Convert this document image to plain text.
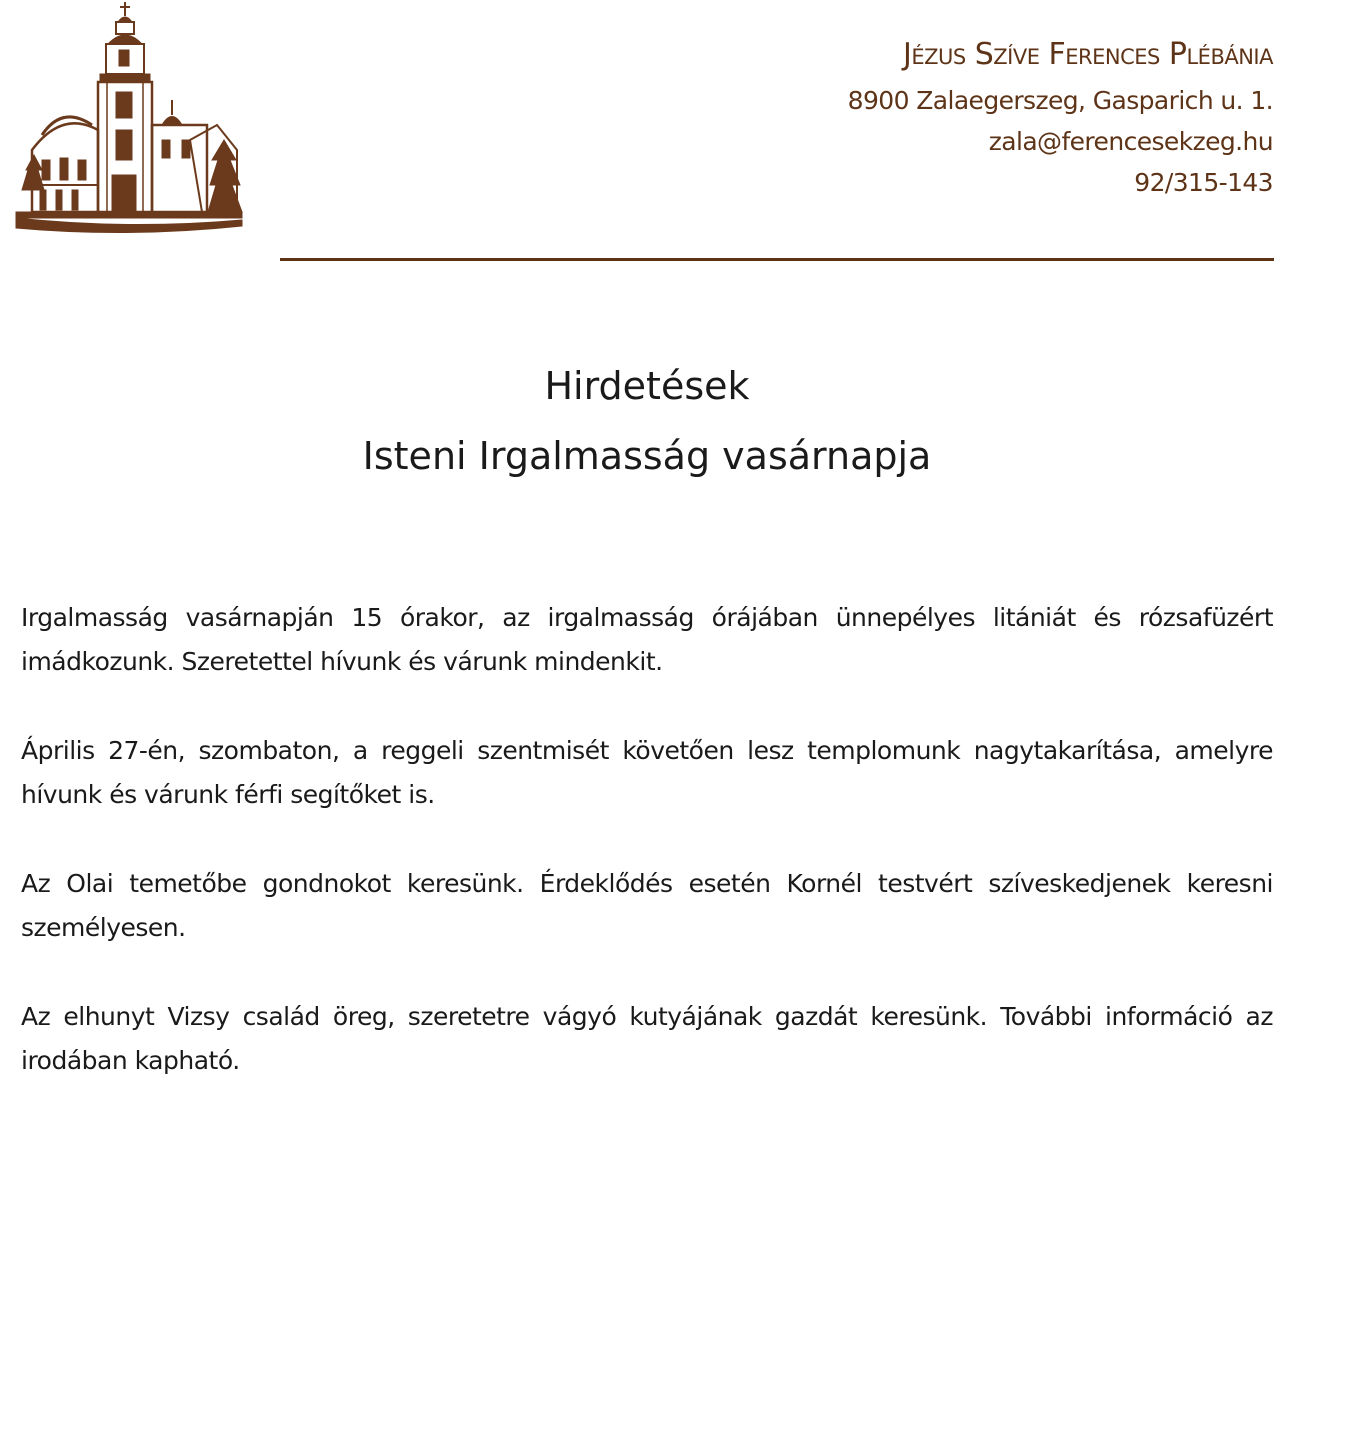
Jézus Szíve Ferences Plébánia
8900 Zalaegerszeg, Gasparich u. 1.
zala@ferencesekzeg.hu
92/315-143
Hirdetések
Isteni Irgalmasság vasárnapja

Irgalmasság vasárnapján 15 órakor, az irgalmasság órájában ünnepélyes litániát és rózsafüzért imádkozunk. Szeretettel hívunk és várunk mindenkit.

Április 27-én, szombaton, a reggeli szentmisét követően lesz templomunk nagytakarítása, amelyre hívunk és várunk férfi segítőket is.

Az Olai temetőbe gondnokot keresünk. Érdeklődés esetén Kornél testvért szíveskedjenek keresni személyesen.

Az elhunyt Vizsy család öreg, szeretetre vágyó kutyájának gazdát keresünk. További információ az irodában kapható.
